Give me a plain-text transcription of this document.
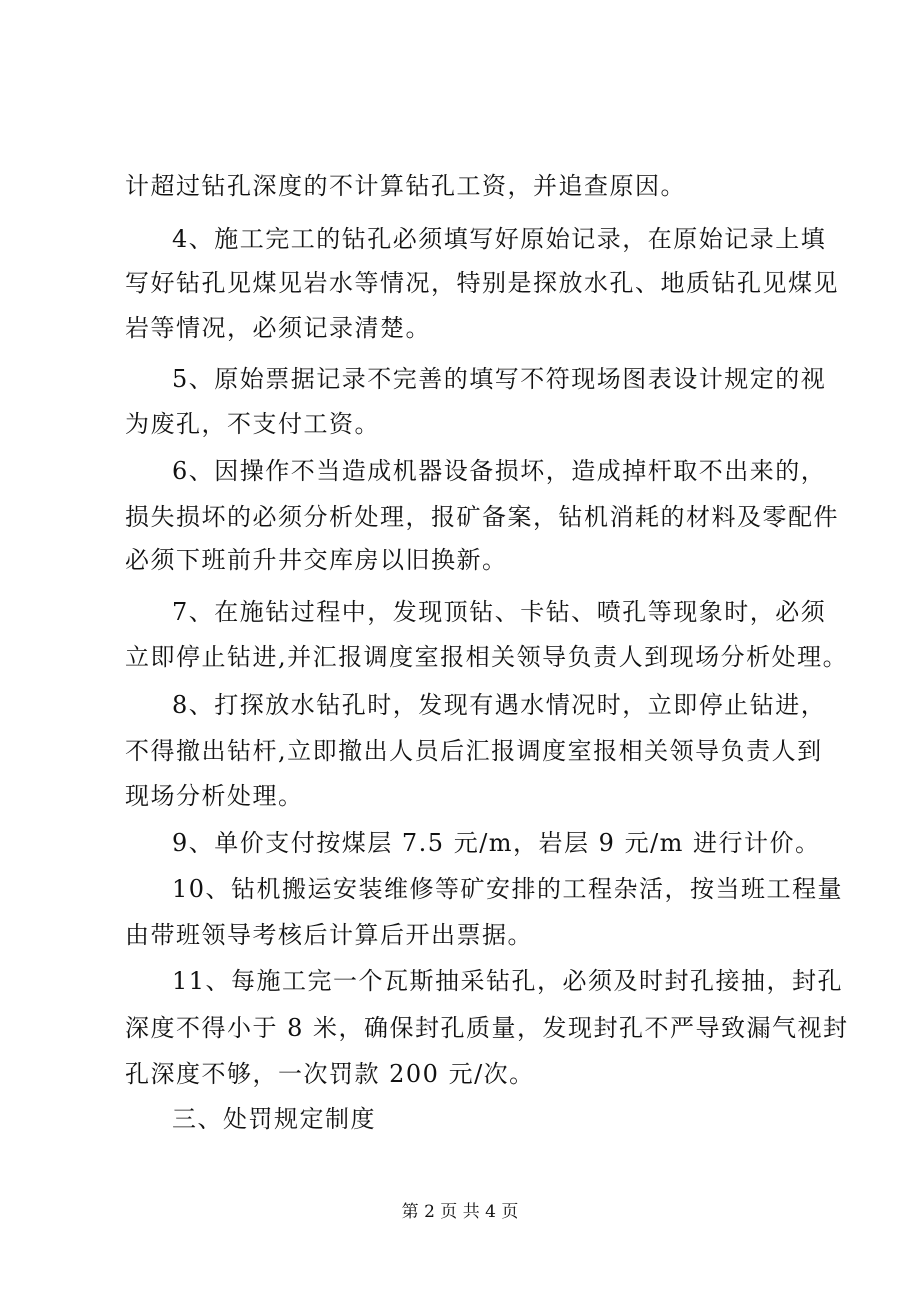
计超过钻孔深度的不计算钻孔工资，并追查原因。
4、施工完工的钻孔必须填写好原始记录，在原始记录上填
写好钻孔见煤见岩水等情况，特别是探放水孔、地质钻孔见煤见
岩等情况，必须记录清楚。
5、原始票据记录不完善的填写不符现场图表设计规定的视
为废孔，不支付工资。
6、因操作不当造成机器设备损坏，造成掉杆取不出来的，
损失损坏的必须分析处理，报矿备案，钻机消耗的材料及零配件
必须下班前升井交库房以旧换新。
7、在施钻过程中，发现顶钻、卡钻、喷孔等现象时，必须
立即停止钻进,并汇报调度室报相关领导负责人到现场分析处理。
8、打探放水钻孔时，发现有遇水情况时，立即停止钻进，
不得撤出钻杆,立即撤出人员后汇报调度室报相关领导负责人到
现场分析处理。
9、单价支付按煤层 7.5 元/m，岩层 9 元/m 进行计价。
10、钻机搬运安装维修等矿安排的工程杂活，按当班工程量
由带班领导考核后计算后开出票据。
11、每施工完一个瓦斯抽采钻孔，必须及时封孔接抽，封孔
深度不得小于 8 米，确保封孔质量，发现封孔不严导致漏气视封
孔深度不够，一次罚款 200 元/次。
三、处罚规定制度
第 2 页 共 4 页
